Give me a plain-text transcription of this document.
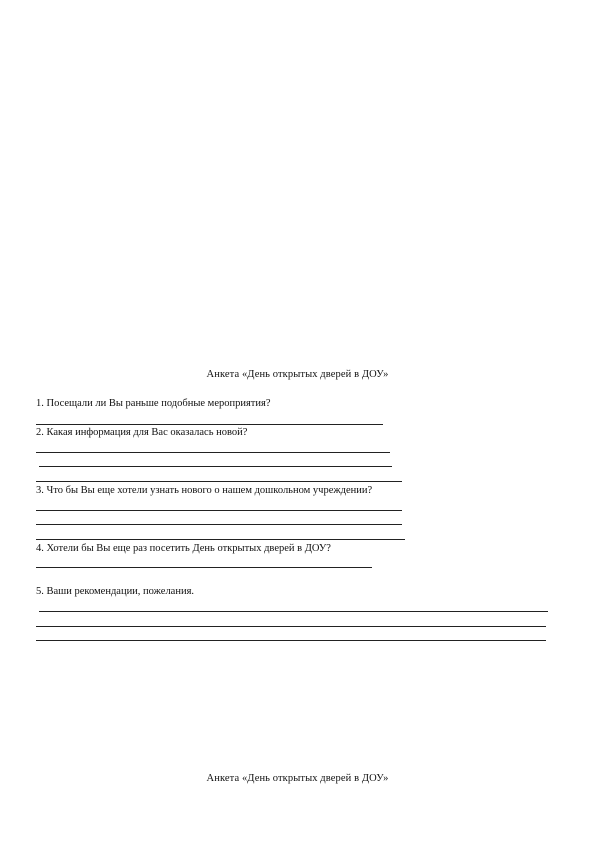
Анкета «День открытых дверей в ДОУ»
1. Посещали ли Вы раньше подобные мероприятия?
2. Какая информация для Вас оказалась новой?
3. Что бы Вы еще хотели узнать нового о нашем дошкольном учреждении?
4. Хотели бы Вы еще раз посетить День открытых дверей в ДОУ?
5. Ваши рекомендации, пожелания.
Анкета «День открытых дверей в ДОУ»
